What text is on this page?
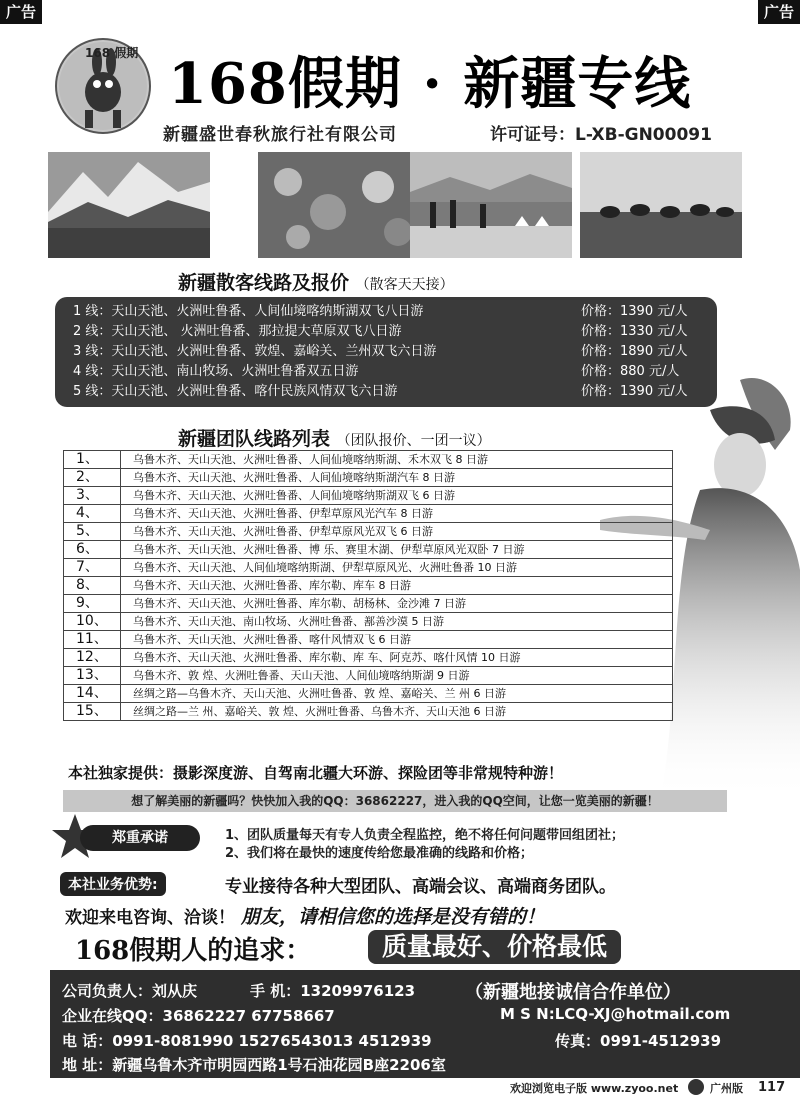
广告	广告
168 假期 168假期 · 新疆专线
新疆盛世春秋旅行社有限公司	许可证号：L-XB-GN00091
新疆散客线路及报价 （散客天天接）
1 线：天山天池、火洲吐鲁番、人间仙境喀纳斯湖双飞八日游	价格：1390 元/人
2 线：天山天池、 火洲吐鲁番、那拉提大草原双飞八日游	价格：1330 元/人
3 线：天山天池、火洲吐鲁番、敦煌、嘉峪关、兰州双飞六日游	价格：1890 元/人
4 线：天山天池、南山牧场、火洲吐鲁番双五日游	价格：880 元/人
5 线：天山天池、火洲吐鲁番、喀什民族风情双飞六日游	价格：1390 元/人
新疆团队线路列表 （团队报价、一团一议）
1、	乌鲁木齐、天山天池、火洲吐鲁番、人间仙境喀纳斯湖、禾木双飞 8 日游
2、	乌鲁木齐、天山天池、火洲吐鲁番、人间仙境喀纳斯湖汽车 8 日游
3、	乌鲁木齐、天山天池、火洲吐鲁番、人间仙境喀纳斯湖双飞 6 日游
4、	乌鲁木齐、天山天池、火洲吐鲁番、伊犁草原风光汽车 8 日游
5、	乌鲁木齐、天山天池、火洲吐鲁番、伊犁草原风光双飞 6 日游
6、	乌鲁木齐、天山天池、火洲吐鲁番、博 乐、赛里木湖、伊犁草原风光双卧 7 日游
7、	乌鲁木齐、天山天池、人间仙境喀纳斯湖、伊犁草原风光、火洲吐鲁番 10 日游
8、	乌鲁木齐、天山天池、火洲吐鲁番、库尔勒、库车 8 日游
9、	乌鲁木齐、天山天池、火洲吐鲁番、库尔勒、胡杨林、金沙滩 7 日游
10、	乌鲁木齐、天山天池、南山牧场、火洲吐鲁番、鄯善沙漠 5 日游
11、	乌鲁木齐、天山天池、火洲吐鲁番、喀什风情双飞 6 日游
12、	乌鲁木齐、天山天池、火洲吐鲁番、库尔勒、库 车、阿克苏、喀什风情 10 日游
13、	乌鲁木齐、敦 煌、火洲吐鲁番、天山天池、人间仙境喀纳斯湖 9 日游
14、	丝绸之路—乌鲁木齐、天山天池、火洲吐鲁番、敦 煌、嘉峪关、兰 州 6 日游
15、	丝绸之路—兰 州、嘉峪关、敦 煌、火洲吐鲁番、乌鲁木齐、天山天池 6 日游
本社独家提供：摄影深度游、自驾南北疆大环游、探险团等非常规特种游！
想了解美丽的新疆吗？快快加入我的QQ：36862227，进入我的QQ空间，让您一览美丽的新疆！
郑重承诺	1、团队质量每天有专人负责全程监控，绝不将任何问题带回组团社；
2、我们将在最快的速度传给您最准确的线路和价格；
本社业务优势:	专业接待各种大型团队、高端会议、高端商务团队。
欢迎来电咨询、洽谈！ 朋友，请相信您的选择是没有错的！
168假期人的追求：	质量最好、价格最低
公司负责人：刘从庆	手 机：13209976123	（新疆地接诚信合作单位）
企业在线QQ：36862227 67758667	M S N:LCQ-XJ@hotmail.com
电 话：0991-8081990 15276543013 4512939	传真：0991-4512939
地 址：新疆乌鲁木齐市明园西路1号石油花园B座2206室
欢迎浏览电子版 www.zyoo.net	广州版 117
